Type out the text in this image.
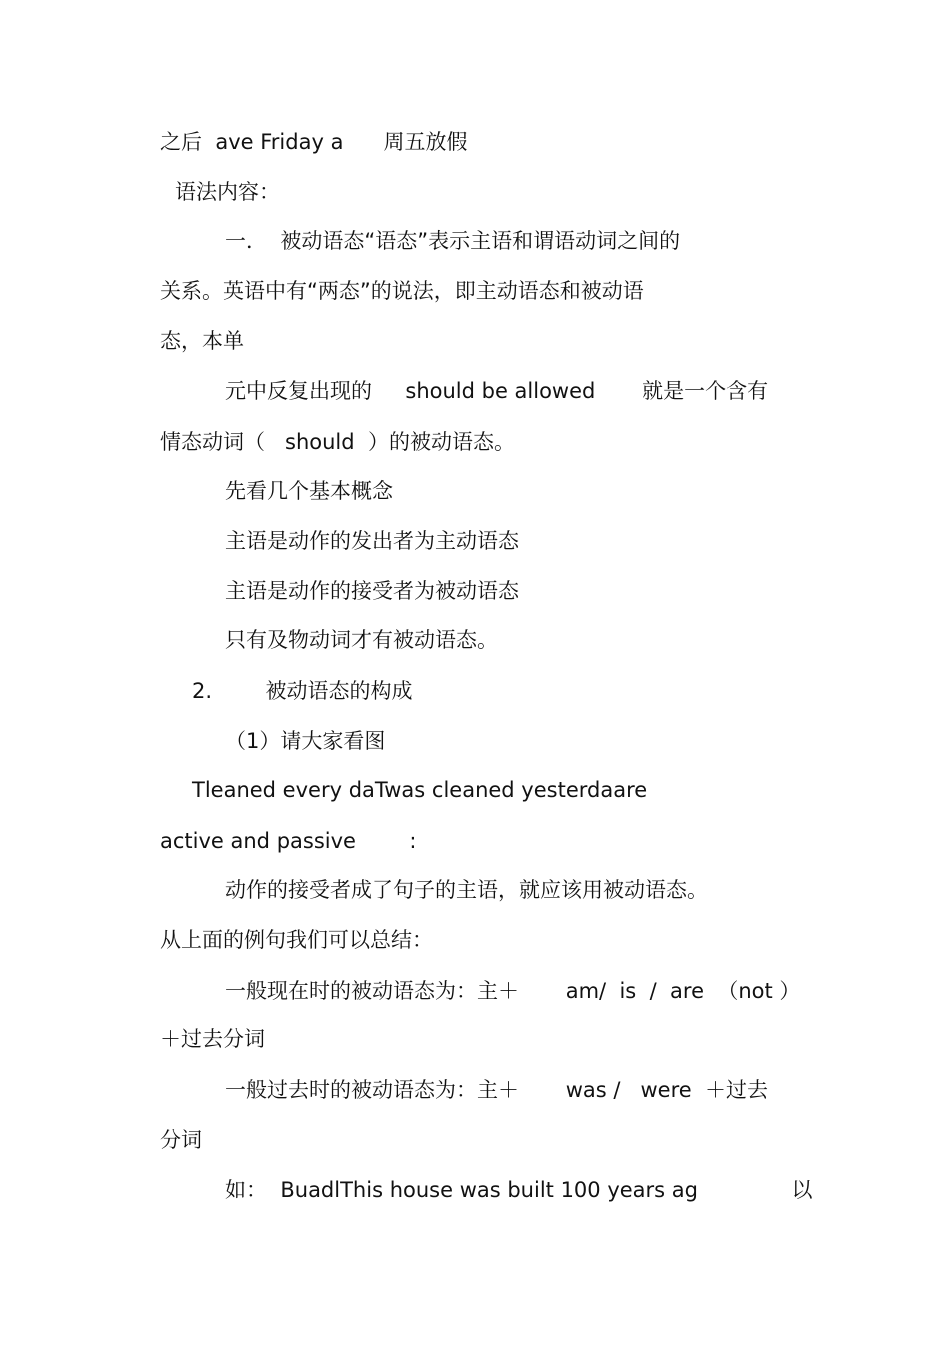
之后  ave Friday a      周五放假
语法内容：
一．  被动语态“语态”表示主语和谓语动词之间的
关系。英语中有“两态”的说法，即主动语态和被动语
态，本单
元中反复出现的     should be allowed       就是一个含有
情态动词（   should  ）的被动语态。
先看几个基本概念
主语是动作的发出者为主动语态
主语是动作的接受者为被动语态
只有及物动词才有被动语态。
2.        被动语态的构成
（1）请大家看图
Tleaned every daTwas cleaned yesterdaare
active and passive        :
动作的接受者成了句子的主语，就应该用被动语态。
从上面的例句我们可以总结：
一般现在时的被动语态为：主＋       am/  is  /  are  （not ）
＋过去分词
一般过去时的被动语态为：主＋       was /   were  ＋过去
分词
如：  BuadlThis house was built 100 years ag              以
